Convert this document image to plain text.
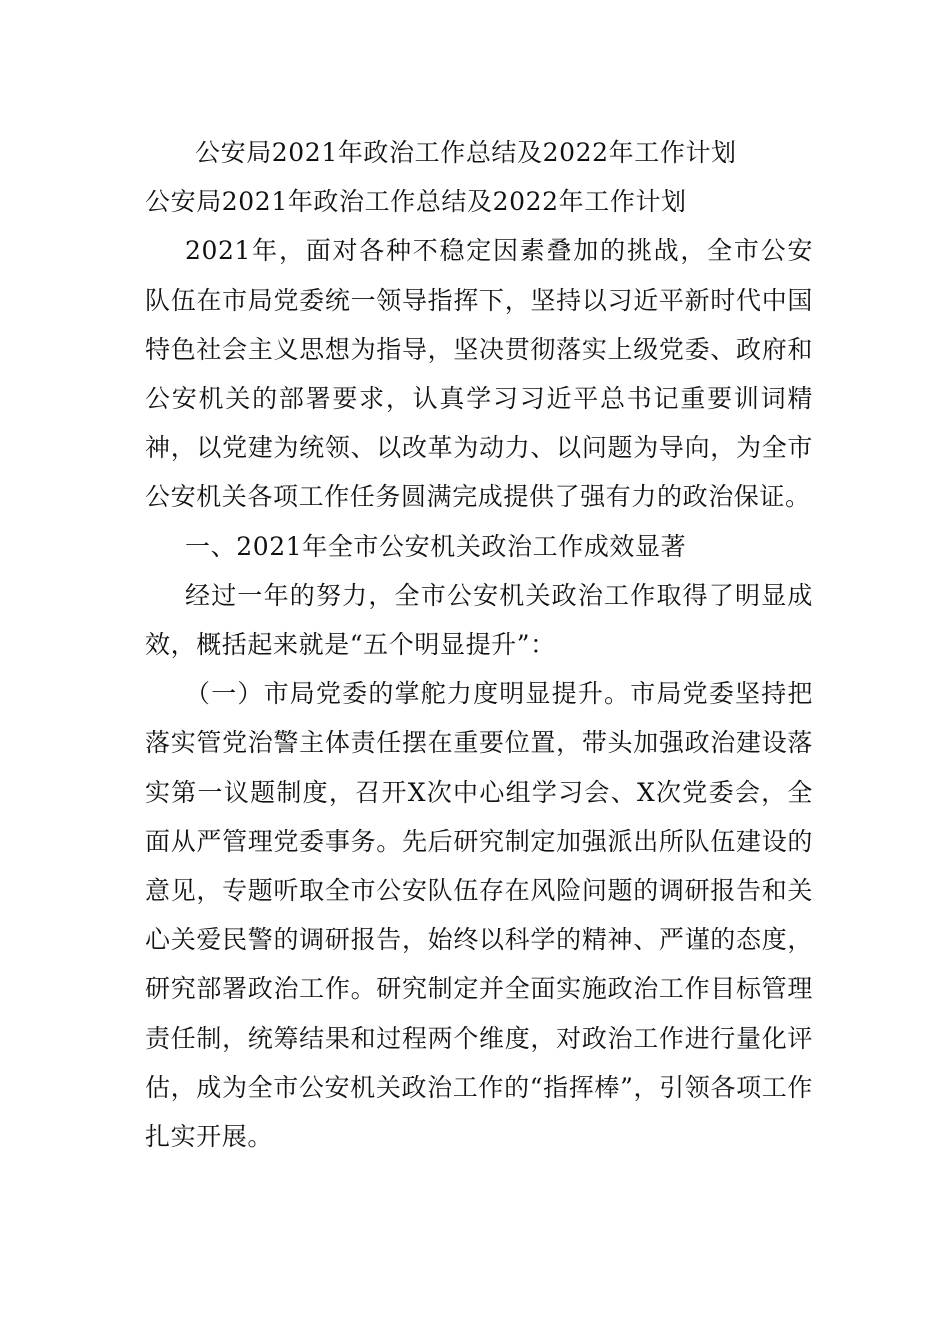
公安局2021年政治工作总结及2022年工作计划

公安局2021年政治工作总结及2022年工作计划

2021年，面对各种不稳定因素叠加的挑战，全市公安队伍在市局党委统一领导指挥下，坚持以习近平新时代中国特色社会主义思想为指导，坚决贯彻落实上级党委、政府和公安机关的部署要求，认真学习习近平总书记重要训词精神，以党建为统领、以改革为动力、以问题为导向，为全市公安机关各项工作任务圆满完成提供了强有力的政治保证。

一、2021年全市公安机关政治工作成效显著

经过一年的努力，全市公安机关政治工作取得了明显成效，概括起来就是“五个明显提升”：

（一）市局党委的掌舵力度明显提升。市局党委坚持把落实管党治警主体责任摆在重要位置，带头加强政治建设落实第一议题制度，召开X次中心组学习会、X次党委会，全面从严管理党委事务。先后研究制定加强派出所队伍建设的意见，专题听取全市公安队伍存在风险问题的调研报告和关心关爱民警的调研报告，始终以科学的精神、严谨的态度，研究部署政治工作。研究制定并全面实施政治工作目标管理责任制，统筹结果和过程两个维度，对政治工作进行量化评估，成为全市公安机关政治工作的“指挥棒”，引领各项工作扎实开展。
